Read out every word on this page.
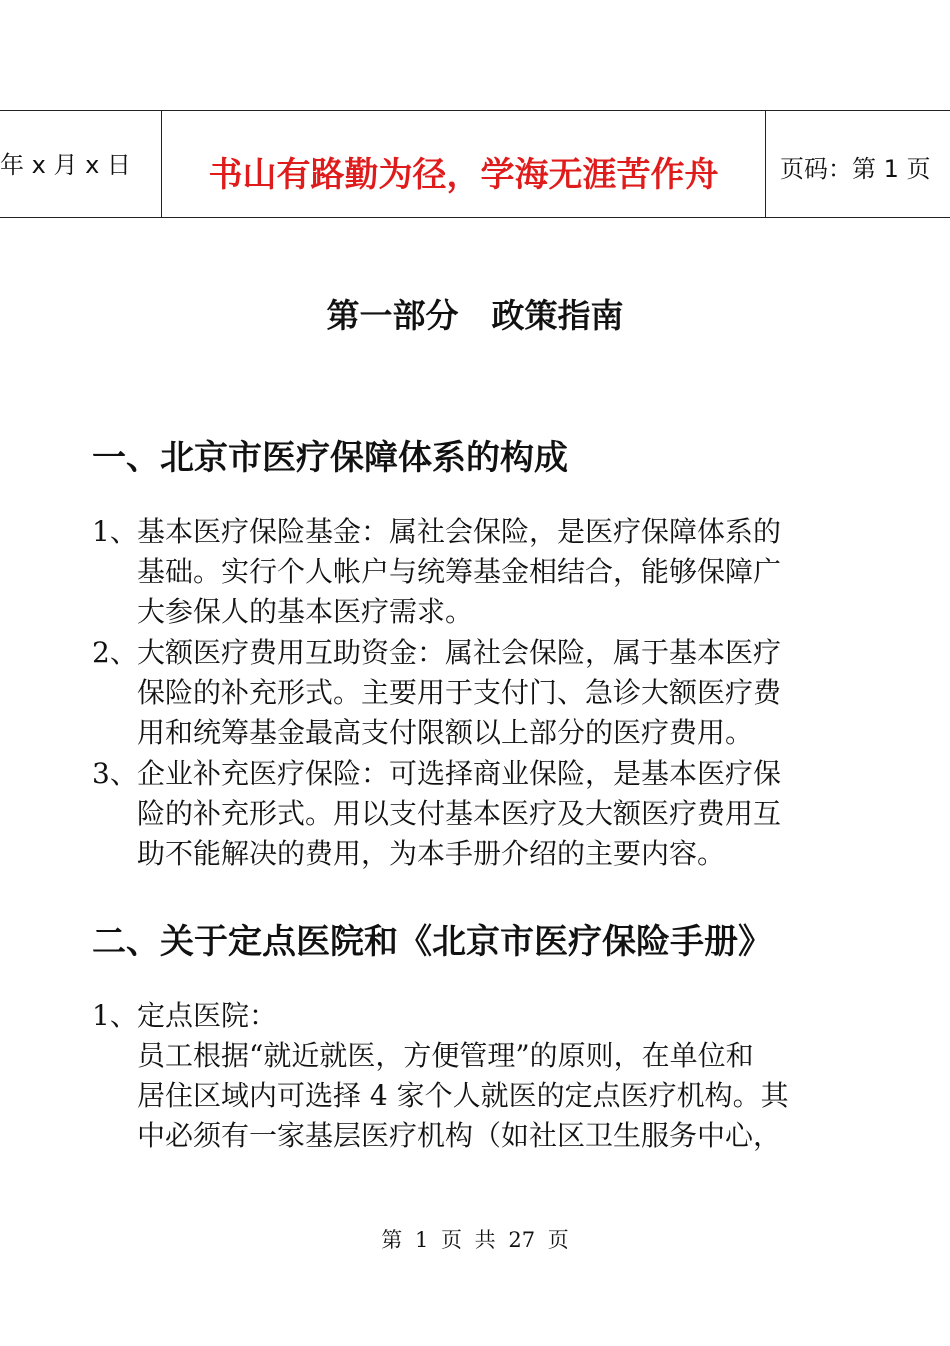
年 x 月 x 日	书山有路勤为径，学海无涯苦作舟	页码：第 1 页
第一部分　政策指南
一、北京市医疗保障体系的构成
1、 基本医疗保险基金：属社会保险，是医疗保障体系的
基础。实行个人帐户与统筹基金相结合，能够保障广
大参保人的基本医疗需求。
2、 大额医疗费用互助资金：属社会保险，属于基本医疗
保险的补充形式。主要用于支付门、急诊大额医疗费
用和统筹基金最高支付限额以上部分的医疗费用。
3、 企业补充医疗保险：可选择商业保险，是基本医疗保
险的补充形式。用以支付基本医疗及大额医疗费用互
助不能解决的费用，为本手册介绍的主要内容。
二、关于定点医院和《北京市医疗保险手册》
1、 定点医院：
员工根据“就近就医，方便管理”的原则，在单位和
居住区域内可选择 4 家个人就医的定点医疗机构。其
中必须有一家基层医疗机构（如社区卫生服务中心，
第 1 页 共 27 页
